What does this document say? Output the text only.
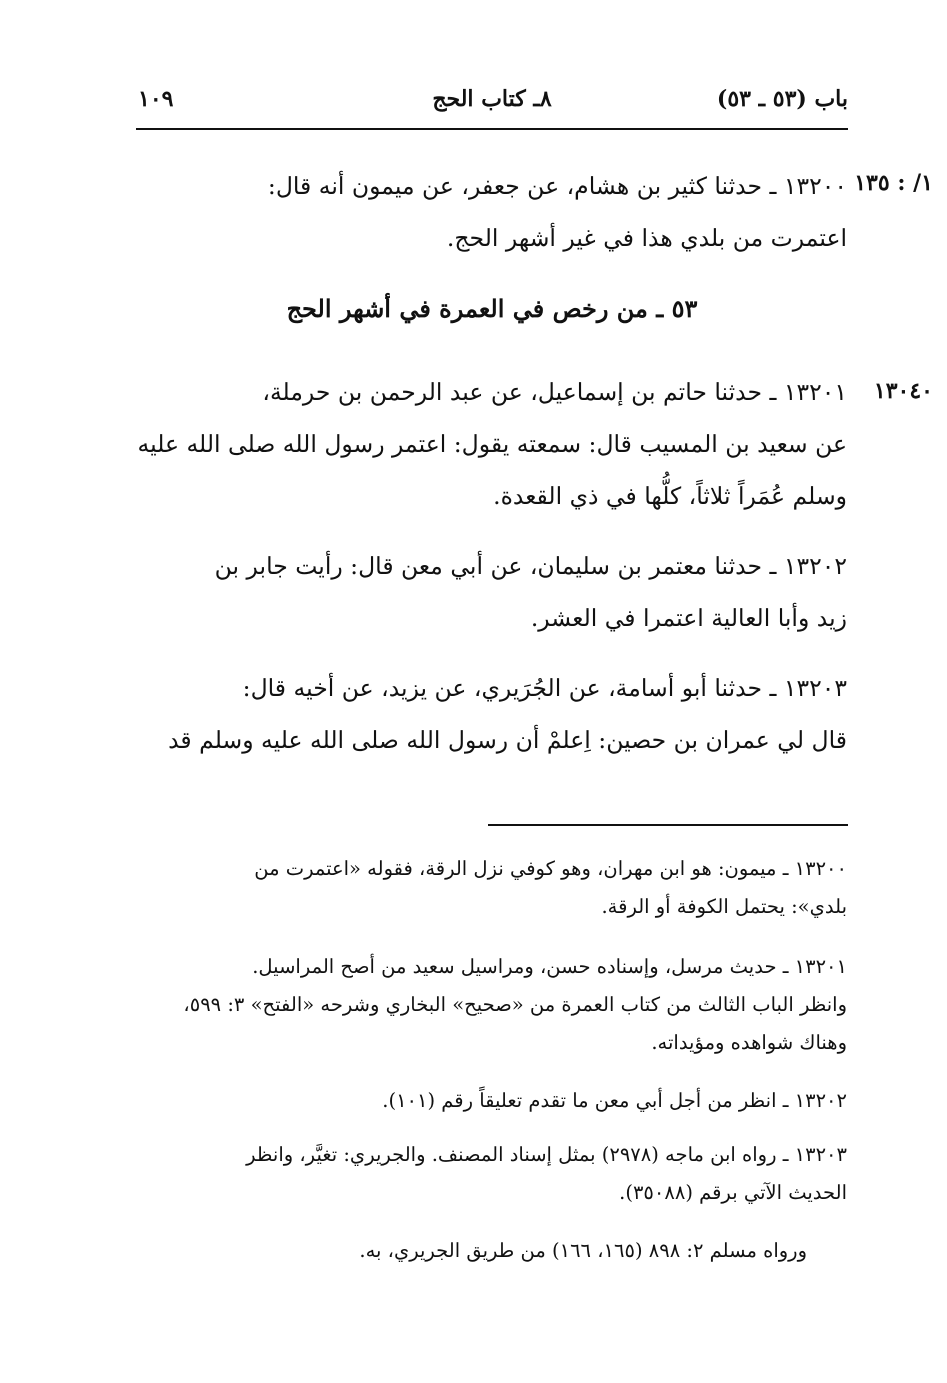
باب (٥٣ ـ ٥٣)
٨ـ كتاب الحج
١٠٩
١/ : ١٣٥
١٣٢٠٠ ـ حدثنا كثير بن هشام، عن جعفر، عن ميمون أنه قال:
اعتمرت من بلدي هذا في غير أشهر الحج.
٥٣ ـ من رخص في العمرة في أشهر الحج
١٣٠٤٠
١٣٢٠١ ـ حدثنا حاتم بن إسماعيل، عن عبد الرحمن بن حرملة،
عن سعيد بن المسيب قال: سمعته يقول: اعتمر رسول الله صلى الله عليه
وسلم عُمَراً ثلاثاً، كلُّها في ذي القعدة.
١٣٢٠٢ ـ حدثنا معتمر بن سليمان، عن أبي معن قال: رأيت جابر بن
زيد وأبا العالية اعتمرا في العشر.
١٣٢٠٣ ـ حدثنا أبو أسامة، عن الجُرَيري، عن يزيد، عن أخيه قال:
قال لي عمران بن حصين: اِعلمْ أن رسول الله صلى الله عليه وسلم قد
١٣٢٠٠ ـ ميمون: هو ابن مهران، وهو كوفي نزل الرقة، فقوله «اعتمرت من
بلدي»: يحتمل الكوفة أو الرقة.
١٣٢٠١ ـ حديث مرسل، وإسناده حسن، ومراسيل سعيد من أصح المراسيل.
وانظر الباب الثالث من كتاب العمرة من «صحيح» البخاري وشرحه «الفتح» ٣: ٥٩٩،
وهناك شواهده ومؤيداته.
١٣٢٠٢ ـ انظر من أجل أبي معن ما تقدم تعليقاً رقم (١٠١).
١٣٢٠٣ ـ رواه ابن ماجه (٢٩٧٨) بمثل إسناد المصنف. والجريري: تغيَّر، وانظر
الحديث الآتي برقم (٣٥٠٨٨).
ورواه مسلم ٢: ٨٩٨ (١٦٥، ١٦٦) من طريق الجريري، به.
